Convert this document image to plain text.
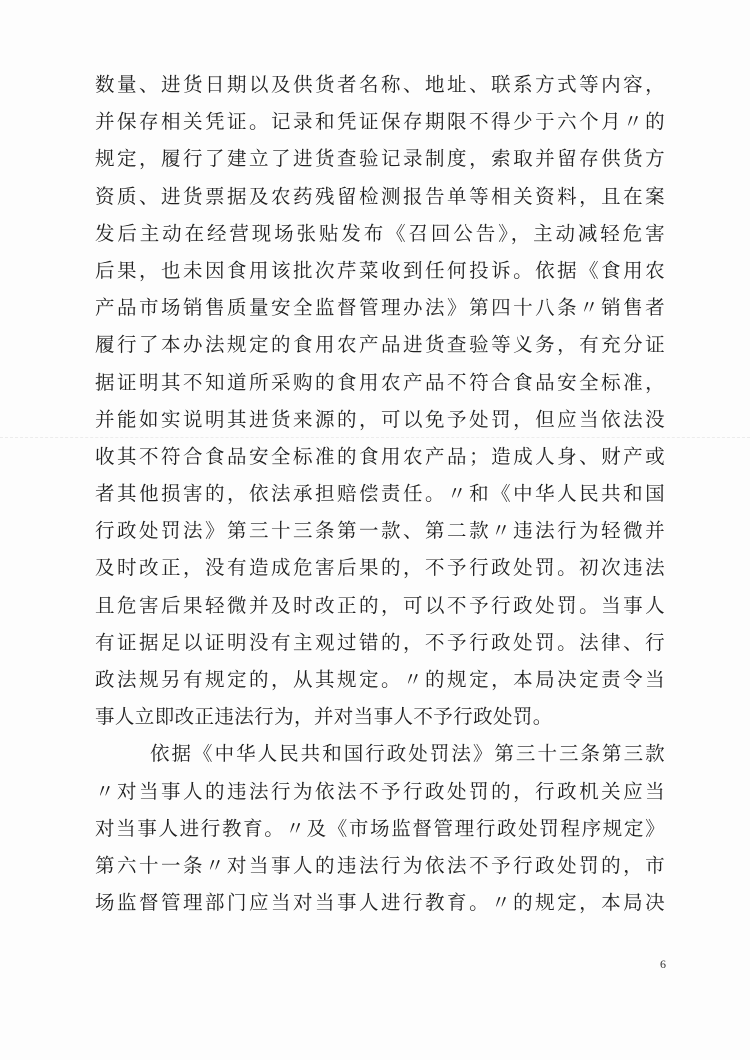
数量、进货日期以及供货者名称、地址、联系方式等内容，
并保存相关凭证。记录和凭证保存期限不得少于六个月〃的
规定，履行了建立了进货查验记录制度，索取并留存供货方
资质、进货票据及农药残留检测报告单等相关资料，且在案
发后主动在经营现场张贴发布《召回公告》，主动减轻危害
后果，也未因食用该批次芹菜收到任何投诉。依据《食用农
产品市场销售质量安全监督管理办法》第四十八条〃销售者
履行了本办法规定的食用农产品进货查验等义务，有充分证
据证明其不知道所采购的食用农产品不符合食品安全标准，
并能如实说明其进货来源的，可以免予处罚，但应当依法没
收其不符合食品安全标准的食用农产品；造成人身、财产或
者其他损害的，依法承担赔偿责任。〃和《中华人民共和国
行政处罚法》第三十三条第一款、第二款〃违法行为轻微并
及时改正，没有造成危害后果的，不予行政处罚。初次违法
且危害后果轻微并及时改正的，可以不予行政处罚。当事人
有证据足以证明没有主观过错的，不予行政处罚。法律、行
政法规另有规定的，从其规定。〃的规定，本局决定责令当
事人立即改正违法行为，并对当事人不予行政处罚。
依据《中华人民共和国行政处罚法》第三十三条第三款
〃对当事人的违法行为依法不予行政处罚的，行政机关应当
对当事人进行教育。〃及《市场监督管理行政处罚程序规定》
第六十一条〃对当事人的违法行为依法不予行政处罚的，市
场监督管理部门应当对当事人进行教育。〃的规定，本局决
6
